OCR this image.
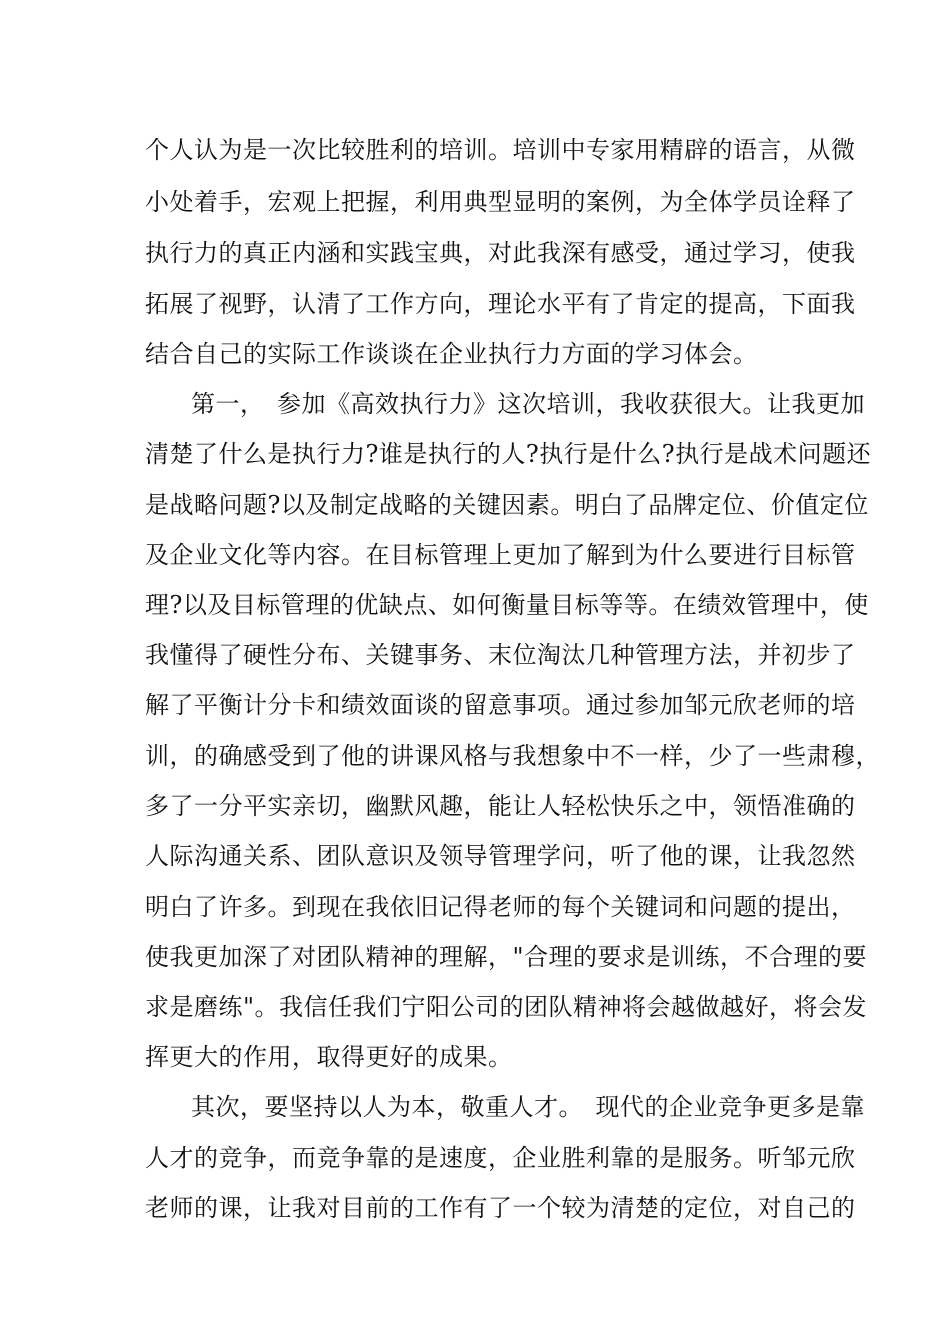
个人认为是一次比较胜利的培训。培训中专家用精辟的语言，从微
小处着手，宏观上把握，利用典型显明的案例，为全体学员诠释了
执行力的真正内涵和实践宝典，对此我深有感受，通过学习，使我
拓展了视野，认清了工作方向，理论水平有了肯定的提高，下面我
结合自己的实际工作谈谈在企业执行力方面的学习体会。
第一，　参加《高效执行力》这次培训，我收获很大。让我更加
清楚了什么是执行力?谁是执行的人?执行是什么?执行是战术问题还
是战略问题?以及制定战略的关键因素。明白了品牌定位、价值定位
及企业文化等内容。在目标管理上更加了解到为什么要进行目标管
理?以及目标管理的优缺点、如何衡量目标等等。在绩效管理中，使
我懂得了硬性分布、关键事务、末位淘汰几种管理方法，并初步了
解了平衡计分卡和绩效面谈的留意事项。通过参加邹元欣老师的培
训，的确感受到了他的讲课风格与我想象中不一样，少了一些肃穆，
多了一分平实亲切，幽默风趣，能让人轻松快乐之中，领悟准确的
人际沟通关系、团队意识及领导管理学问，听了他的课，让我忽然
明白了许多。到现在我依旧记得老师的每个关键词和问题的提出，
使我更加深了对团队精神的理解，"合理的要求是训练，不合理的要
求是磨练"。我信任我们宁阳公司的团队精神将会越做越好，将会发
挥更大的作用，取得更好的成果。
其次，要坚持以人为本，敬重人才。　现代的企业竞争更多是靠
人才的竞争，而竞争靠的是速度，企业胜利靠的是服务。听邹元欣
老师的课，让我对目前的工作有了一个较为清楚的定位，对自己的
